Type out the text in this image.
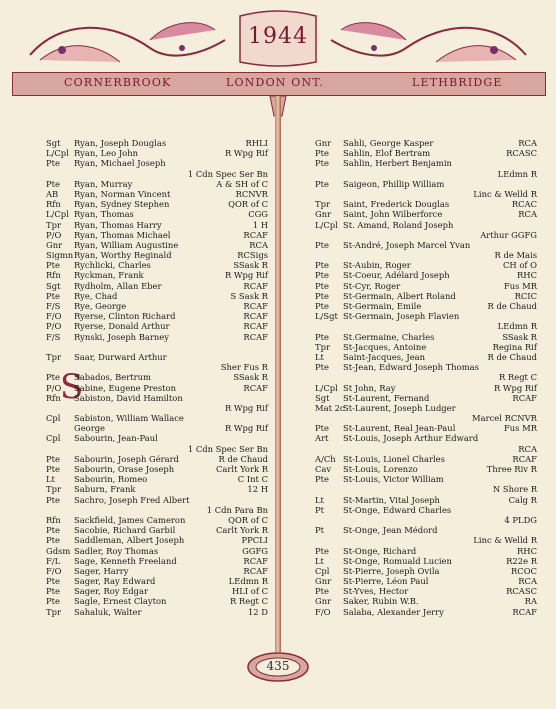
1944
CORNERBROOK	LONDON ONT.	LETHBRIDGE
S
Sgt	Ryan, Joseph Douglas	RHLI
L/Cpl Ryan, Leo John	R Wpg Rif
Pte	Ryan, Michael Joseph
1 Cdn Spec Ser Bn
Pte	Ryan, Murray	A & SH of C
AB	Ryan, Norman Vincent	RCNVR
Rfn	Ryan, Sydney Stephen	QOR of C
L/Cpl Ryan, Thomas	CGG
Tpr	Ryan, Thomas Harry	1 H
P/O	Ryan, Thomas Michael	RCAF
Gnr	Ryan, William Augustine	RCA
Sigmn Ryan, Worthy Reginald	RCSigs
Pte	Rychlicki, Charles	SSask R
Rfn	Ryckman, Frank	R Wpg Rif
Sgt	Rydholm, Allan Eber	RCAF
Pte	Rye, Chad	S Sask R
F/S	Rye, George	RCAF
F/O	Ryerse, Clinton Richard	RCAF
P/O	Ryerse, Donald Arthur	RCAF
F/S	Rynski, Joseph Barney	RCAF
Tpr	Saar, Durward Arthur
Sher Fus R
Pte	Sabados, Bertrum	SSask R
P/O	Sabine, Eugene Preston	RCAF
Rfn	Sabiston, David Hamilton
R Wpg Rif
Cpl	Sabiston, William Wallace
George	R Wpg Rif
Cpl	Sabourin, Jean-Paul
1 Cdn Spec Ser Bn
Pte	Sabourin, Joseph Gérard	R de Chaud
Pte	Sabourin, Orase Joseph	Carlt York R
Lt	Sabourin, Romeo	C Int C
Tpr	Saburn, Frank	12 H
Pte	Sachro, Joseph Fred Albert
1 Cdn Para Bn
Rfn	Sackfield, James Cameron	QOR of C
Pte	Sacobie, Richard Garbil	Carlt York R
Pte	Saddleman, Albert Joseph	PPCLI
Gdsm Sadler, Roy Thomas	GGFG
F/L	Sage, Kenneth Freeland	RCAF
F/O	Sager, Harry	RCAF
Pte	Sager, Ray Edward	LEdmn R
Pte	Sager, Roy Edgar	HLI of C
Pte	Sagle, Ernest Clayton	R Regt C
Tpr	Sahaluk, Walter	12 D
Gnr	Sahli, George Kasper	RCA
Pte	Sahlin, Elof Bertram	RCASC
Pte	Sahlin, Herbert Benjamin
LEdmn R
Pte	Saigeon, Phillip William
Linc & Welld R
Tpr	Saint, Frederick Douglas	RCAC
Gnr	Saint, John Wilberforce	RCA
L/Cpl St. Amand, Roland Joseph
Arthur GGFG
Pte	St-André, Joseph Marcel Yvan
R de Mais
Pte	St-Aubin, Roger	CH of O
Pte	St-Coeur, Adélard Joseph	RHC
Pte	St-Cyr, Roger	Fus MR
Pte	St-Germain, Albert Roland	RCIC
Pte	St-Germain, Emile	R de Chaud
L/Sgt St-Germain, Joseph Flavien
LEdmn R
Pte	St.Germaine, Charles	SSask R
Tpr	St-Jacques, Antoine	Regina Rif
Lt	Saint-Jacques, Jean	R de Chaud
Pte	St-Jean, Edward Joseph Thomas
R Regt C
L/Cpl St John, Ray	R Wpg Rif
Sgt	St-Laurent, Fernand	RCAF
Mat 2c
St-Laurent, Joseph Ludger
Marcel RCNVR
Pte	St-Laurent, Real Jean-Paul	Fus MR
Art	St-Louis, Joseph Arthur Edward
RCA
A/Ch St-Louis, Lionel Charles	RCAF
Cav	St-Louis, Lorenzo	Three Riv R
Pte	St-Louis, Victor William
N Shore R
Lt	St-Martin, Vital Joseph	Calg R
Pt	St-Onge, Edward Charles
4 PLDG
Pt	St-Onge, Jean Médord
Linc & Welld R
Pte	St-Onge, Richard	RHC
Lt	St-Onge, Romuald Lucien	R22e R
Cpl	St-Pierre, Joseph Ovila	RCOC
Gnr	St-Pierre, Léon Paul	RCA
Pte	St-Yves, Hector	RCASC
Gnr	Saker, Rubin W.B.	RA
F/O	Salaba, Alexander Jerry	RCAF
435
